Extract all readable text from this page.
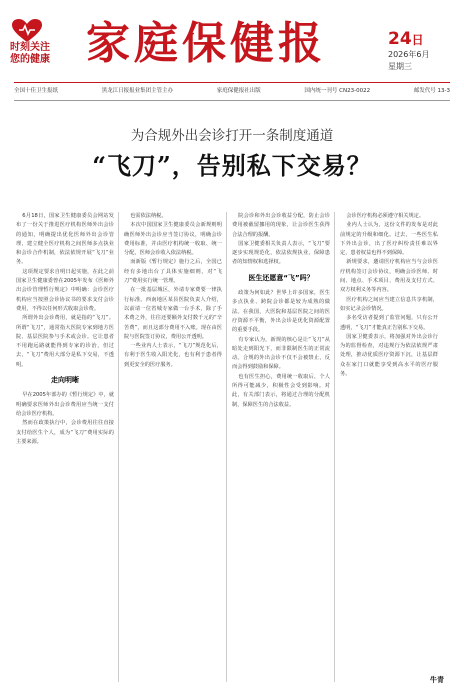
时刻关注
您的健康 家庭保健报	24日
2026年6月
星期三
全国十佳卫生报纸	黑龙江日报报业集团主管主办	家庭保健报社出版	国内统一刊号 CN23-0022	邮发代号 13-3
为合规外出会诊打开一条制度通道
“飞刀”，告别私下交易？

6月18日，国家卫生健康委员会网站发布了一份关于推进医疗机构医师外出会诊的通知，明确提出优化医师外出会诊管理，建立健全医疗机构之间医师多点执业和会诊合作机制，依法依规开展“飞刀”业务。

这项规定要求自明日起实施，在此之前国家卫生健康委曾在2005年发布《医师外出会诊管理暂行规定》中明确：会诊医疗机构应当按照会诊协议书的要求支付会诊费用，不得以任何形式收取会诊费。

所谓外出会诊费用，就是指的“飞刀”。所谓“飞刀”，通常指大医院专家到地方医院、基层医院参与手术或会诊。它让患者不用跑远路就能得到专家的诊治，但过去，“飞刀”费用大部分是私下交易，不透明。

走向明晰

早在2005年部办的《暂行规定》中，就明确要求医师外出会诊费用应当统一支付给会诊医疗机构。

然而在政策执行中，会诊费用往往直接支付给医生个人，成为“飞刀”费用实际的主要来源。

也需依法纳税。

本次中国国家卫生健康委员会新规则明确医师外出会诊应当签订协议，明确会诊费用标准，并由医疗机构统一收取、统一分配，医师会诊收入依法纳税。

而新版《暂行规定》施行之后，全国已经有多地出台了具体实施细则，对“飞刀”费用实行统一管理。

在一批基层城区，外请专家费要一律执行标准。西南地区某县医院负责人介绍，以前请一位省城专家做一台手术，除了手术费之外，往往还要额外支付数千元的“辛苦费”，而且这部分费用不入账。现在由医院与医院签订协议，费用公开透明。

一些业内人士表示，“飞刀”规范化后，有利于医生收入阳光化，也有利于患者得到更安全的医疗服务。

院会诊和外出会诊收益分配，防止会诊费用被截留挪用的现象，让会诊医生获得合法合理的报酬。

国家卫健委相关负责人表示，“飞刀”要逐步实现规范化，依法依规执业，保障患者的知情权和选择权。

医生还愿意“飞”吗？

政策为何如此？世界上许多国家，医生多点执业、跨院会诊都是较为成熟的做法。在我国，大医院和基层医院之间的医疗资源不平衡，外出会诊是优化资源配置的重要手段。

有专家认为，新规的核心是让“飞刀”从暗处走到阳光下，而非限制医生的正常流动。合规的外出会诊不仅不会被禁止，反而会得到鼓励和保障。

也有医生担心，费用统一收取后，个人所得可能减少，积极性会受到影响。对此，有关部门表示，将通过合理的分配机制，保障医生的合法收益。

会诊医疗机构必须遵守相关规定。

业内人士认为，这份文件的发布是对此前规定的升级和细化。过去，一些医生私下外出会诊，出了医疗纠纷责任难以界定，患者权益也得不到保障。

新规要求，邀请医疗机构应当与会诊医疗机构签订会诊协议，明确会诊医师、时间、地点、手术项目、费用及支付方式、双方权利义务等内容。

医疗机构之间应当建立信息共享机制，如实记录会诊情况。

多名受访者提到了监管问题，只有公开透明，“飞刀”才能真正告别私下交易。

国家卫健委表示，将加强对外出会诊行为的监督检查，对违规行为依法依规严肃处理，推动优质医疗资源下沉，让基层群众在家门口就能享受到高水平的医疗服务。

牛青
